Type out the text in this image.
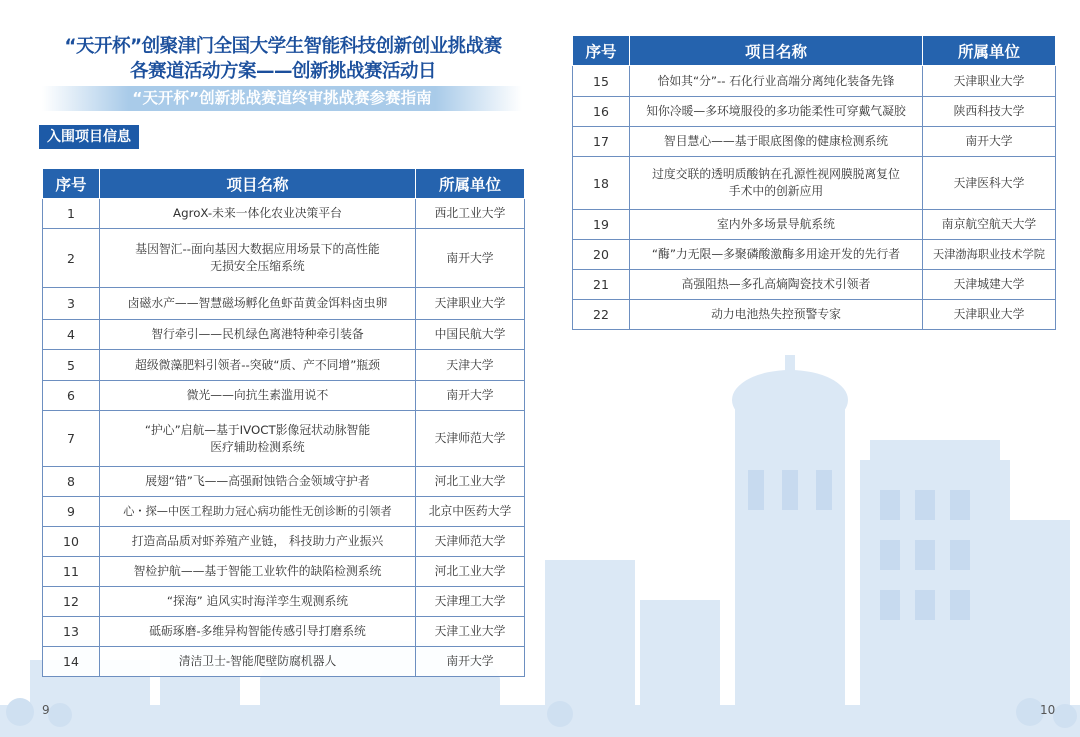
“天开杯”创聚津门全国大学生智能科技创新创业挑战赛
各赛道活动方案——创新挑战赛活动日
“天开杯”创新挑战赛道终审挑战赛参赛指南
入围项目信息
序号	项目名称	所属单位
1	AgroX-未来一体化农业决策平台	西北工业大学
2	基因智汇--面向基因大数据应用场景下的高性能
无损安全压缩系统	南开大学
3	卤磁水产——智慧磁场孵化鱼虾苗黄金饵料卤虫卵	天津职业大学
4	智行牵引——民机绿色离港特种牵引装备	中国民航大学
5	超级微藻肥料引领者--突破“质、产不同增”瓶颈	天津大学
6	微光——向抗生素滥用说不	南开大学
7	“护心”启航—基于IVOCT影像冠状动脉智能
医疗辅助检测系统	天津师范大学
8	展翅“错”飞——高强耐蚀锆合金领域守护者	河北工业大学
9	心・探—中医工程助力冠心病功能性无创诊断的引领者	北京中医药大学
10	打造高品质对虾养殖产业链， 科技助力产业振兴	天津师范大学
11	智检护航——基于智能工业软件的缺陷检测系统	河北工业大学
12	“探海” 追风实时海洋孪生观测系统	天津理工大学
13	砥砺琢磨-多维异构智能传感引导打磨系统	天津工业大学
14	清洁卫士-智能爬壁防腐机器人	南开大学
序号	项目名称	所属单位
15	恰如其“分”-- 石化行业高端分离纯化装备先锋	天津职业大学
16	知你冷暖—多环境服役的多功能柔性可穿戴气凝胶	陕西科技大学
17	智目慧心——基于眼底图像的健康检测系统	南开大学
18	过度交联的透明质酸钠在孔源性视网膜脱离复位
手术中的创新应用	天津医科大学
19	室内外多场景导航系统	南京航空航天大学
20	“酶”力无限—多聚磷酸激酶多用途开发的先行者	天津渤海职业技术学院
21	高强阻热—多孔高熵陶瓷技术引领者	天津城建大学
22	动力电池热失控预警专家	天津职业大学
9	10
